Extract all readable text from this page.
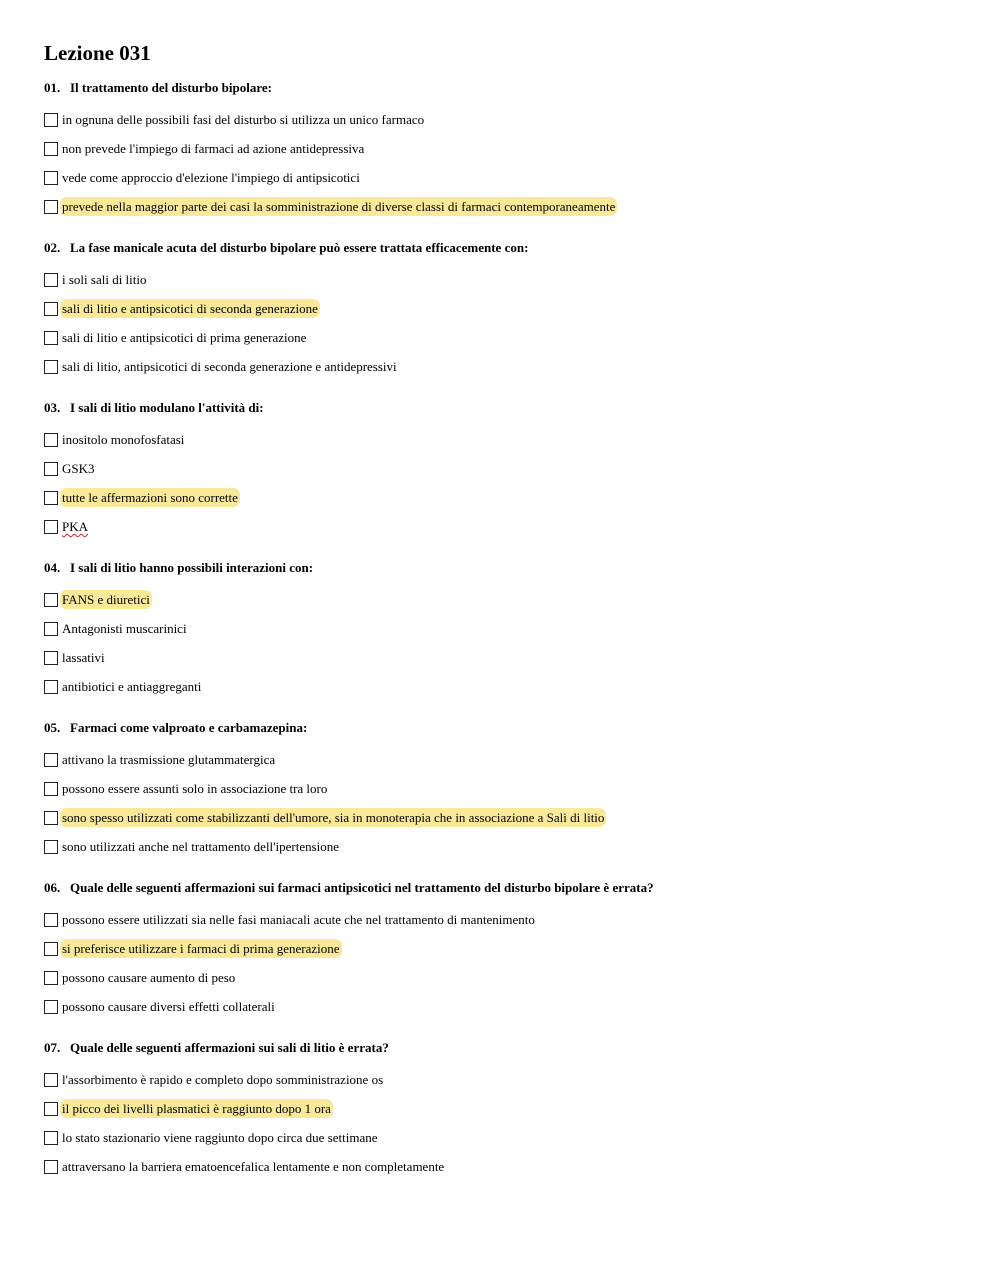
Lezione 031
01. Il trattamento del disturbo bipolare:
in ognuna delle possibili fasi del disturbo si utilizza un unico farmaco
non prevede l'impiego di farmaci ad azione antidepressiva
vede come approccio d'elezione l'impiego di antipsicotici
prevede nella maggior parte dei casi la somministrazione di diverse classi di farmaci contemporaneamente
02. La fase manicale acuta del disturbo bipolare può essere trattata efficacemente con:
i soli sali di litio
sali di litio e antipsicotici di seconda generazione
sali di litio e antipsicotici di prima generazione
sali di litio, antipsicotici di seconda generazione e antidepressivi
03. I sali di litio modulano l'attività di:
inositolo monofosfatasi
GSK3
tutte le affermazioni sono corrette
PKA
04. I sali di litio hanno possibili interazioni con:
FANS e diuretici
Antagonisti muscarinici
lassativi
antibiotici e antiaggreganti
05. Farmaci come valproato e carbamazepina:
attivano la trasmissione glutammatergica
possono essere assunti solo in associazione tra loro
sono spesso utilizzati come stabilizzanti dell'umore, sia in monoterapia che in associazione a Sali di litio
sono utilizzati anche nel trattamento dell'ipertensione
06. Quale delle seguenti affermazioni sui farmaci antipsicotici nel trattamento del disturbo bipolare è errata?
possono essere utilizzati sia nelle fasi maniacali acute che nel trattamento di mantenimento
si preferisce utilizzare i farmaci di prima generazione
possono causare aumento di peso
possono causare diversi effetti collaterali
07. Quale delle seguenti affermazioni sui sali di litio è errata?
l'assorbimento è rapido e completo dopo somministrazione os
il picco dei livelli plasmatici è raggiunto dopo 1 ora
lo stato stazionario viene raggiunto dopo circa due settimane
attraversano la barriera ematoencefalica lentamente e non completamente
